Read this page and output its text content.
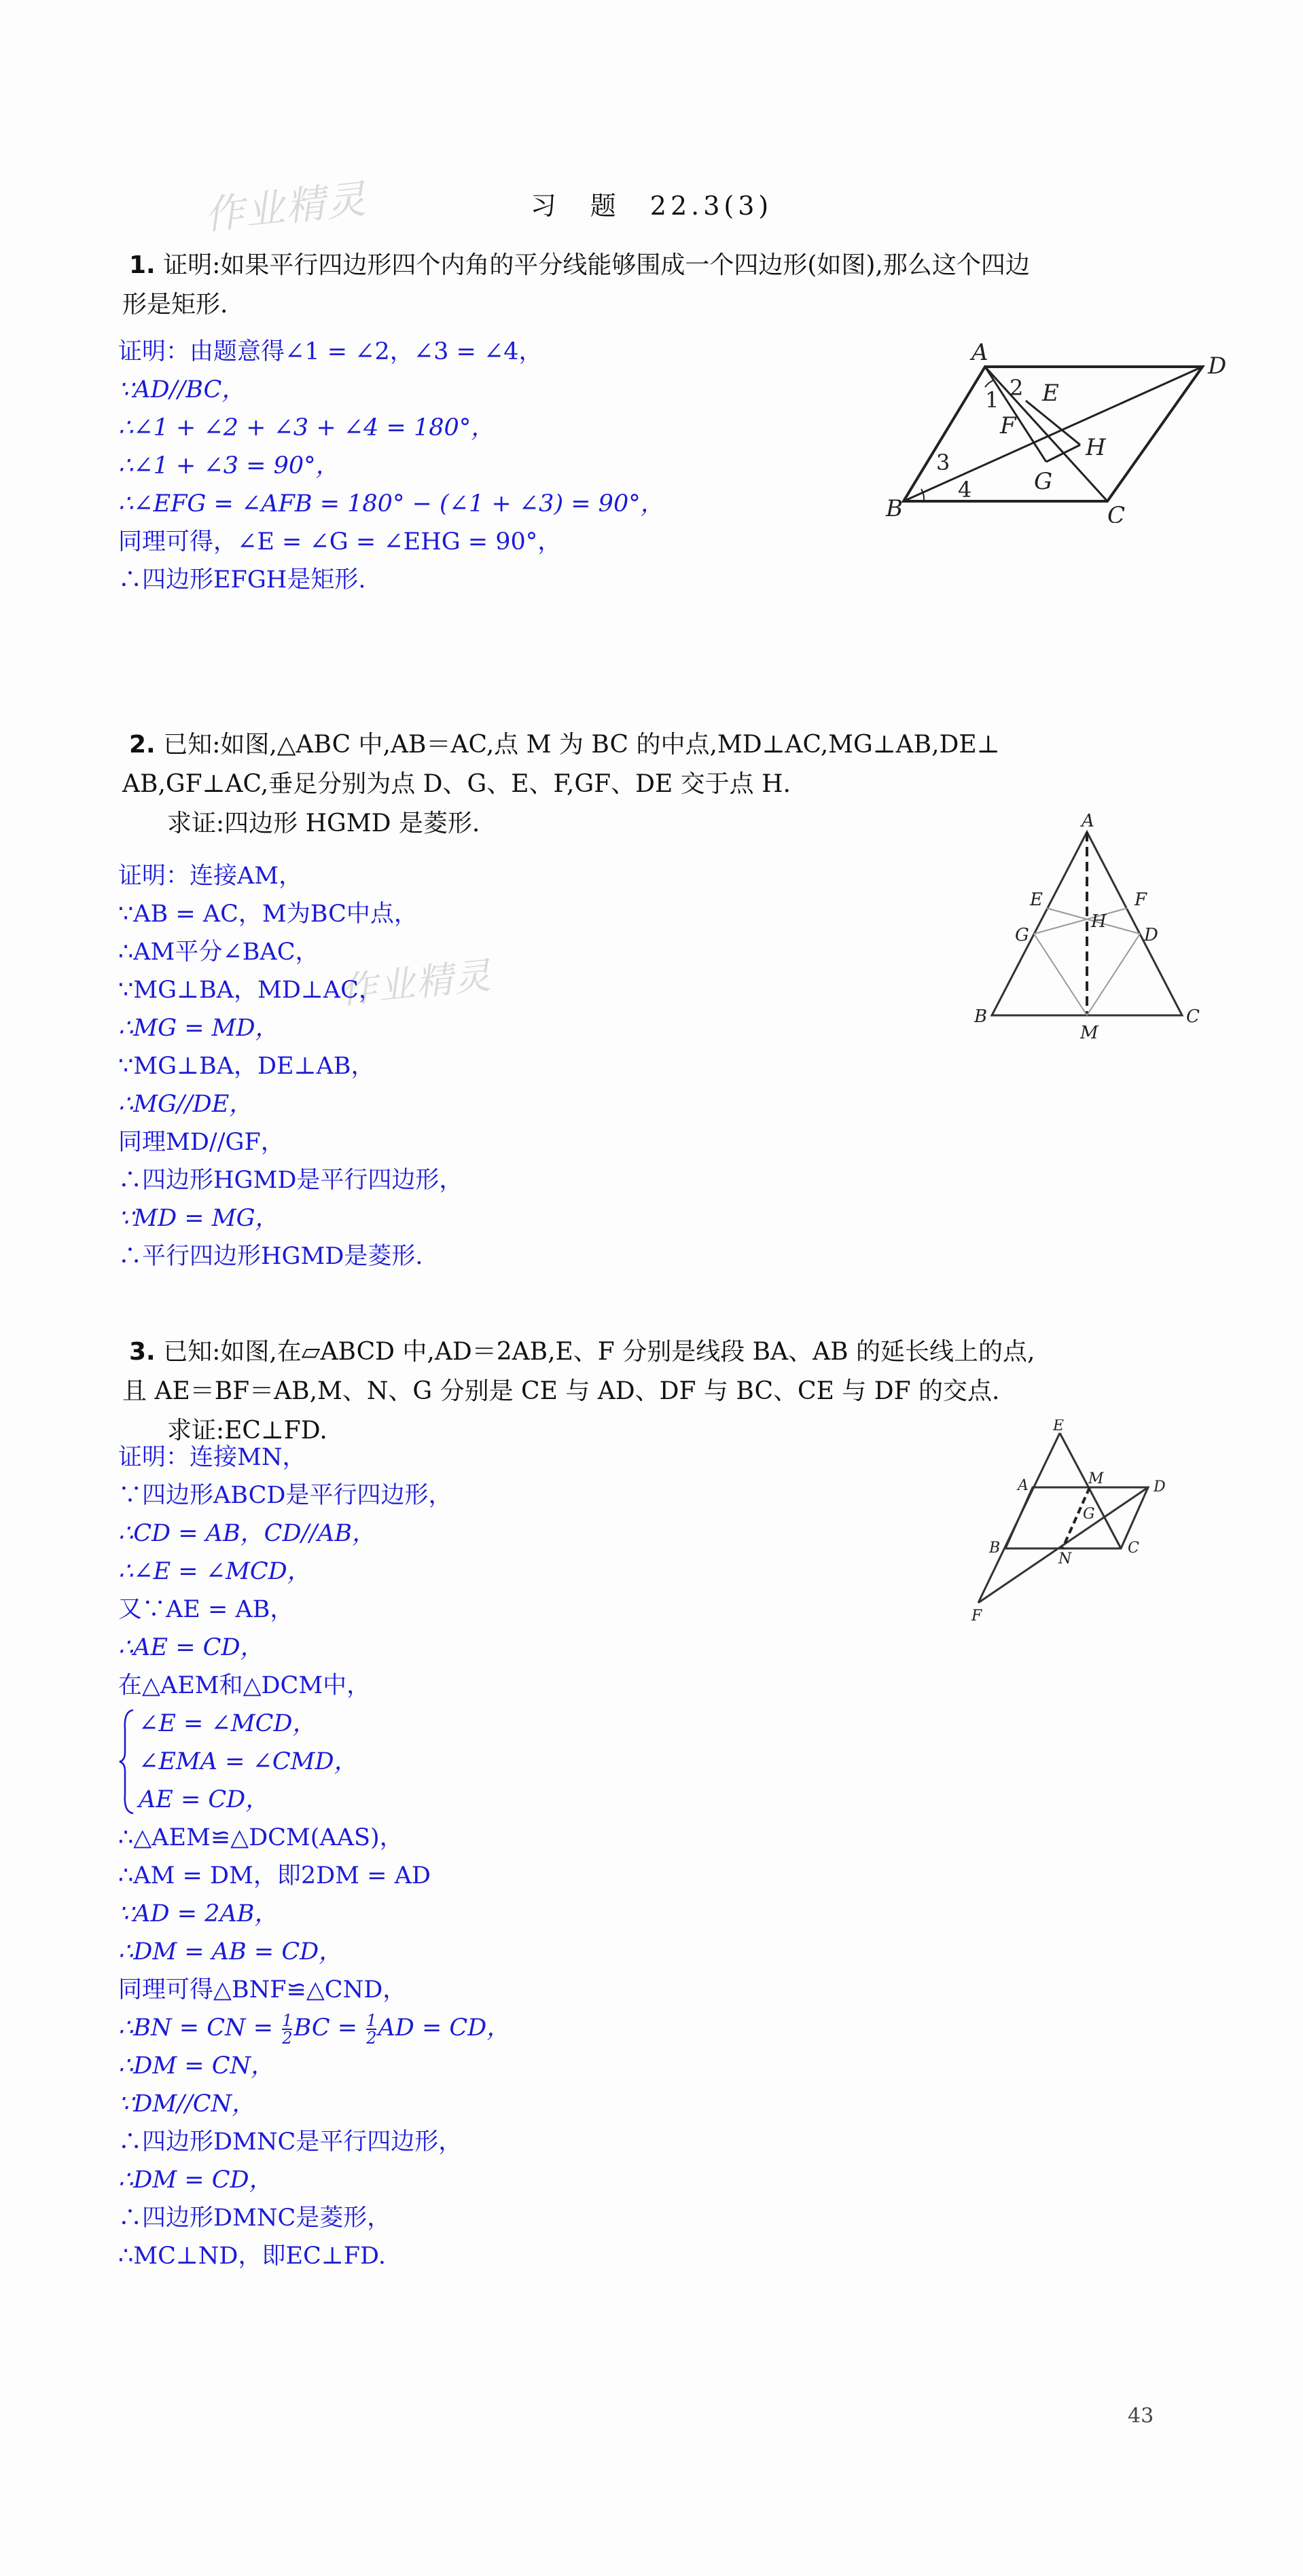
作业精灵
作业精灵
习　题　22.3(3)
1. 证明:如果平行四边形四个内角的平分线能够围成一个四边形(如图),那么这个四边
形是矩形.
证明：由题意得∠1 = ∠2，∠3 = ∠4，
∵AD//BC，
∴∠1 + ∠2 + ∠3 + ∠4 = 180°，
∴∠1 + ∠3 = 90°，
∴∠EFG = ∠AFB = 180° − (∠1 + ∠3) = 90°，
同理可得，∠E = ∠G = ∠EHG = 90°，
∴四边形EFGH是矩形.
A	D
B	C
E
F
G
H
1 2
3
4
2. 已知:如图,△ABC 中,AB＝AC,点 M 为 BC 的中点,MD⊥AC,MG⊥AB,DE⊥
AB,GF⊥AC,垂足分别为点 D、G、E、F,GF、DE 交于点 H.
求证:四边形 HGMD 是菱形.
证明：连接AM，
∵AB = AC，M为BC中点，
∴AM平分∠BAC，
∵MG⊥BA，MD⊥AC，
∴MG = MD，
∵MG⊥BA，DE⊥AB，
∴MG//DE，
同理MD//GF，
∴四边形HGMD是平行四边形，
∵MD = MG，
∴平行四边形HGMD是菱形.
A
E	F
H
G	D
B
M
C
3. 已知:如图,在▱ABCD 中,AD＝2AB,E、F 分别是线段 BA、AB 的延长线上的点,
且 AE＝BF＝AB,M、N、G 分别是 CE 与 AD、DF 与 BC、CE 与 DF 的交点.
求证:EC⊥FD.
证明：连接MN，
∵四边形ABCD是平行四边形，
∴CD = AB，CD//AB，
∴∠E = ∠MCD，
又∵AE = AB，
∴AE = CD，
在△AEM和△DCM中，
∠E = ∠MCD，
∠EMA = ∠CMD，
AE = CD，
∴△AEM≌△DCM(AAS)，
∴AM = DM，即2DM = AD
∵AD = 2AB，
∴DM = AB = CD，
同理可得△BNF≌△CND，
∴BN = CN = $\frac{1}{2}$ BC = $\frac{1}{2}$ AD = CD，
∴DM = CN，
∵DM//CN，
∴四边形DMNC是平行四边形，
∴DM = CD，
∴四边形DMNC是菱形，
∴MC⊥ND，即EC⊥FD.
E
A	M	D
G
B
N
C
F
43
